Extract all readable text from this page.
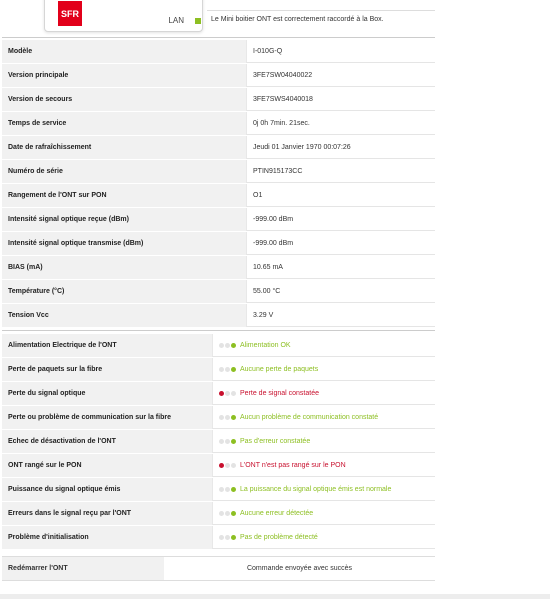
SFR
LAN	Le Mini boitier ONT est correctement raccordé à la Box.
Modèle	I-010G-Q
Version principale	3FE7SW04040022
Version de secours	3FE7SWS4040018
Temps de service	0j 0h 7min. 21sec.
Date de rafraîchissement	Jeudi 01 Janvier 1970 00:07:26
Numéro de série	PTIN915173CC
Rangement de l'ONT sur PON	O1
Intensité signal optique reçue (dBm)	-999.00 dBm
Intensité signal optique transmise (dBm)	-999.00 dBm
BIAS (mA)	10.65 mA
Température (°C)	55.00 °C
Tension Vcc	3.29 V
Alimentation Electrique de l'ONT	Alimentation OK
Perte de paquets sur la fibre	Aucune perte de paquets
Perte du signal optique	Perte de signal constatée
Perte ou problème de communication sur la fibre	Aucun problème de communication constaté
Echec de désactivation de l'ONT	Pas d'erreur constatée
ONT rangé sur le PON	L'ONT n'est pas rangé sur le PON
Puissance du signal optique émis	La puissance du signal optique émis est normale
Erreurs dans le signal reçu par l'ONT	Aucune erreur détectée
Problème d'initialisation	Pas de problème détecté
Redémarrer l'ONT	Commande envoyée avec succès
